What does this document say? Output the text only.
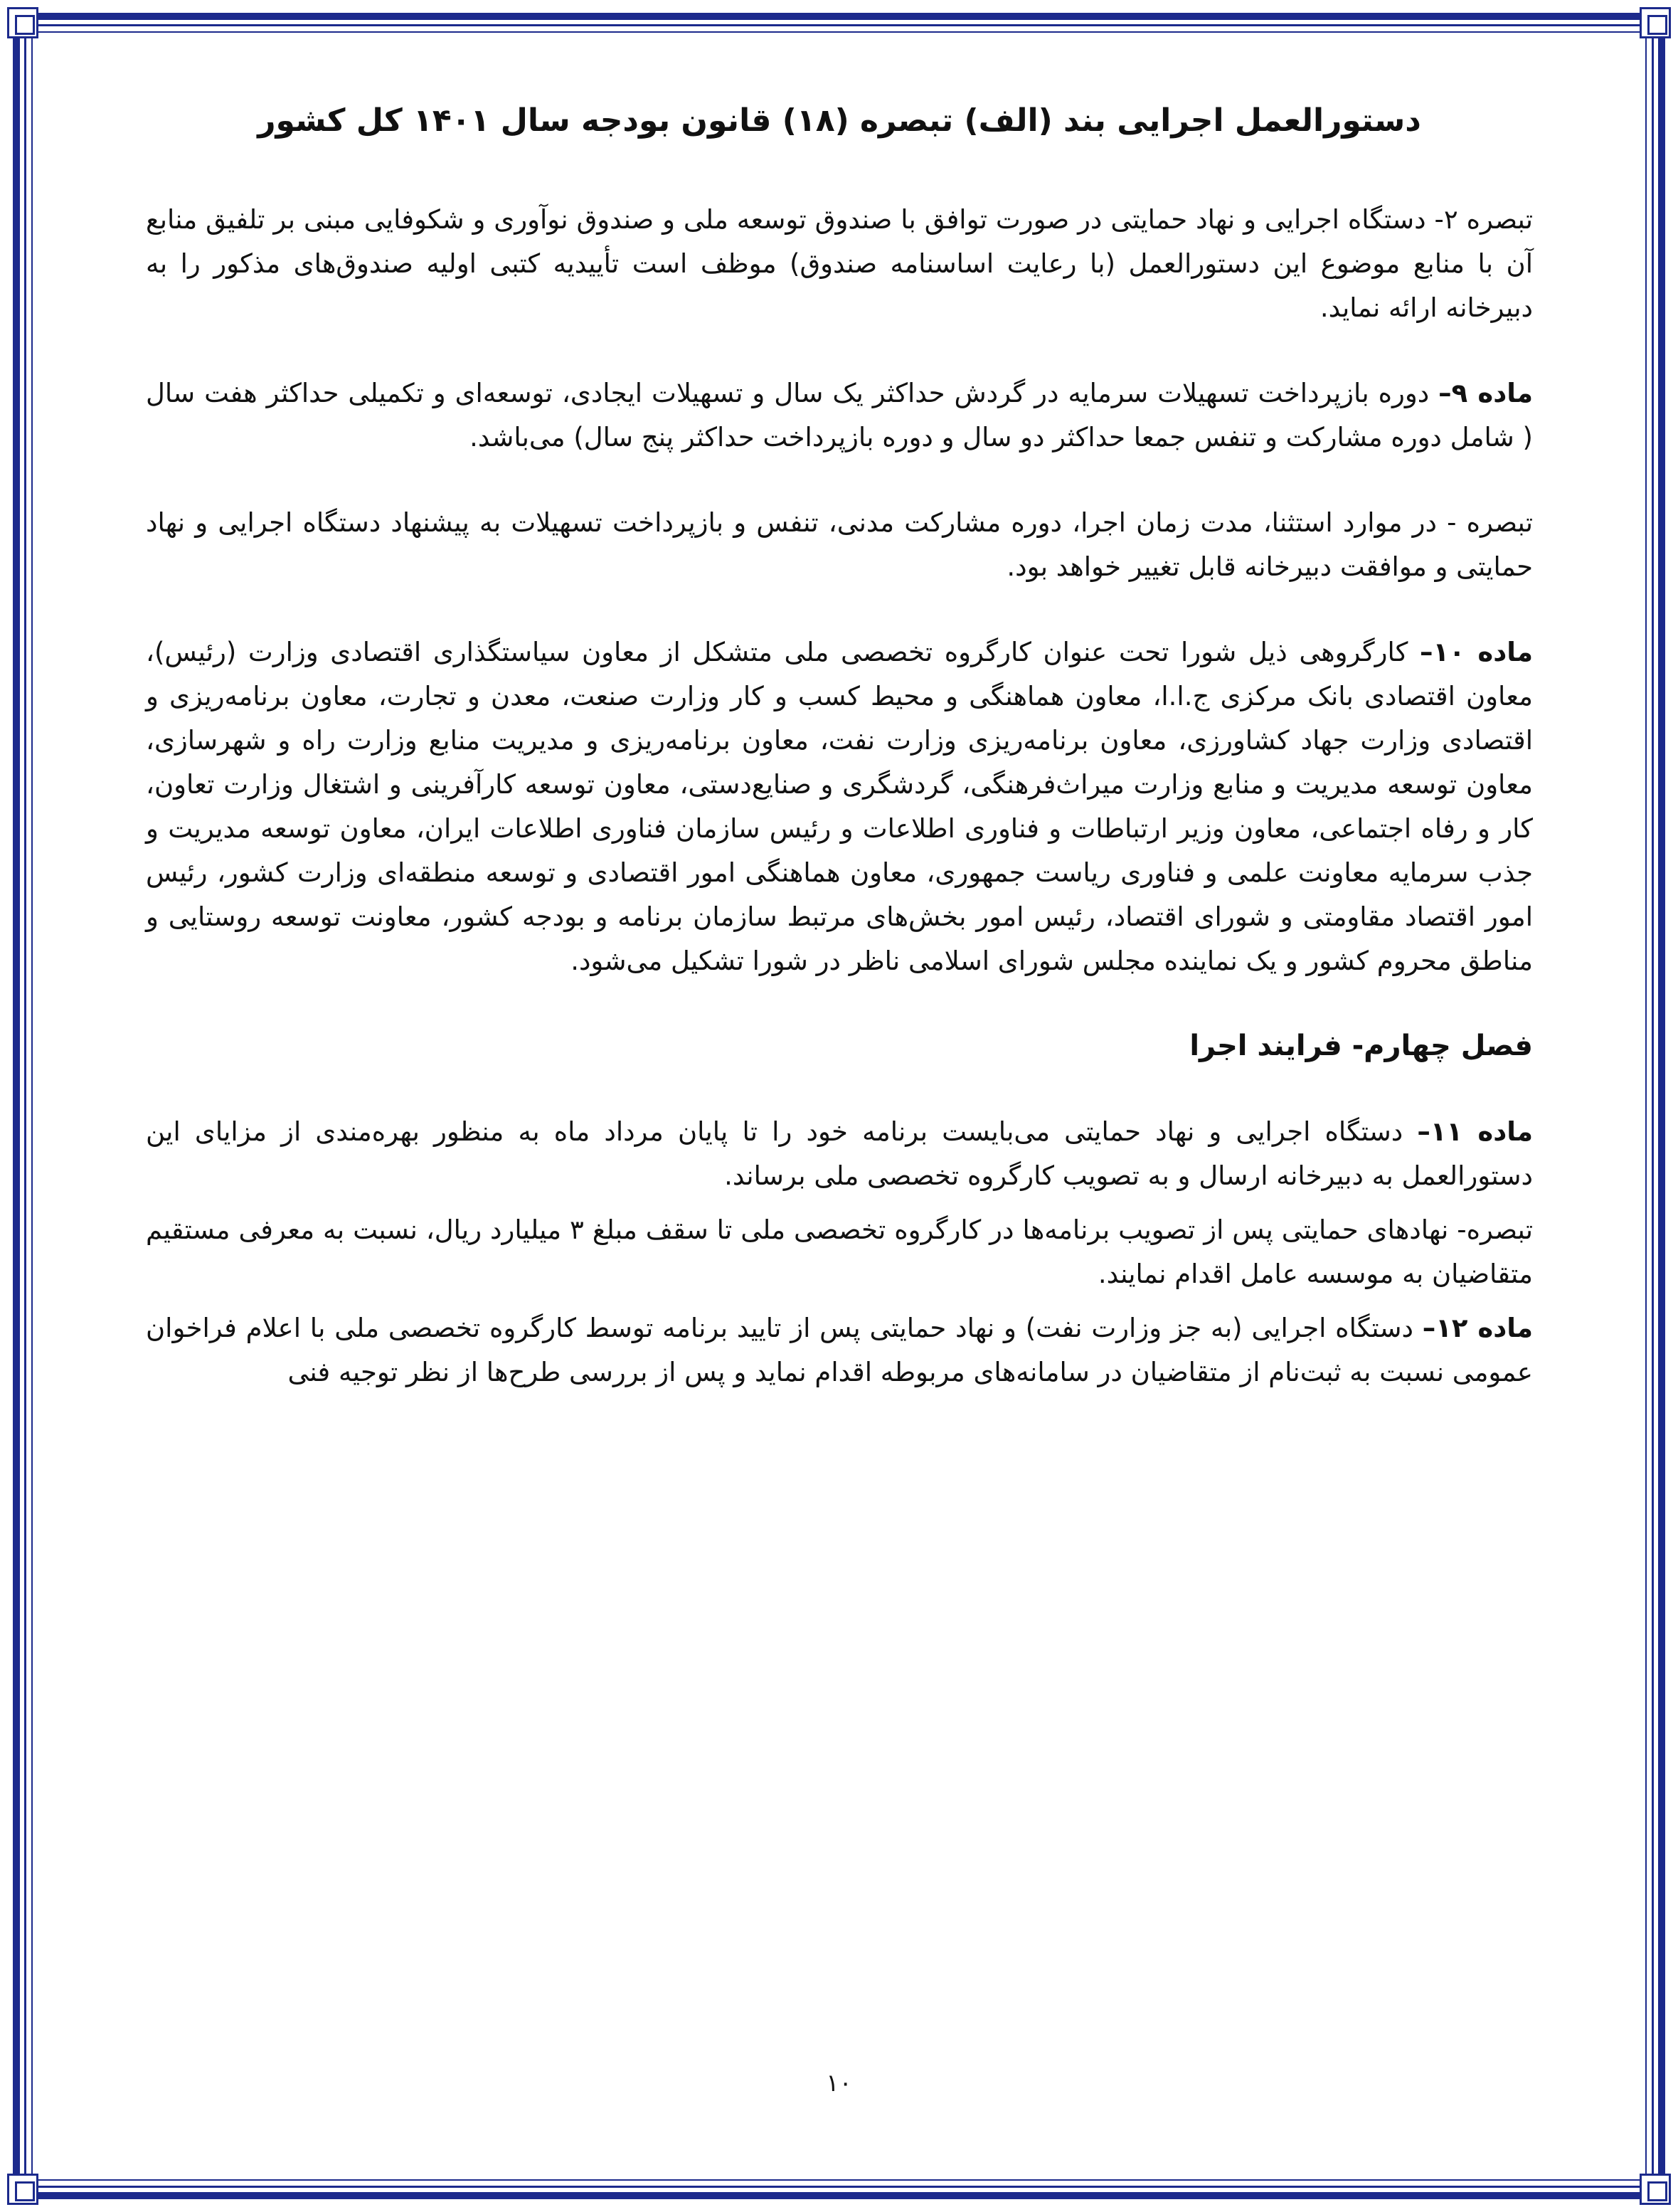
دستورالعمل اجرایی بند (الف) تبصره (۱۸) قانون بودجه سال ۱۴۰۱ کل کشور

تبصره ۲- دستگاه اجرایی و نهاد حمایتی در صورت توافق با صندوق توسعه ملی و صندوق نوآوری و شکوفایی مبنی بر تلفیق منابع آن با منابع موضوع این دستورالعمل (با رعایت اساسنامه صندوق) موظف است تأییدیه کتبی اولیه صندوق‌های مذکور را به دبیرخانه ارائه نماید.

ماده ۹– دوره بازپرداخت تسهیلات سرمایه در گردش حداکثر یک سال و تسهیلات ایجادی، توسعه‌ای و تکمیلی حداکثر هفت سال ( شامل دوره مشارکت و تنفس جمعا حداکثر دو سال و دوره بازپرداخت حداکثر پنج سال) می‌باشد.

تبصره - در موارد استثنا، مدت زمان اجرا، دوره مشارکت مدنی، تنفس و بازپرداخت تسهیلات به پیشنهاد دستگاه اجرایی و نهاد حمایتی و موافقت دبیرخانه قابل تغییر خواهد بود.

ماده ۱۰– کارگروهی ذیل شورا تحت عنوان کارگروه تخصصی ملی متشکل از معاون سیاستگذاری اقتصادی وزارت (رئیس)، معاون اقتصادی بانک مرکزی ج.ا.ا، معاون هماهنگی و محیط کسب و کار وزارت صنعت، معدن و تجارت، معاون برنامه‌ریزی و اقتصادی وزارت جهاد کشاورزی، معاون برنامه‌ریزی وزارت نفت، معاون برنامه‌ریزی و مدیریت منابع وزارت راه و شهرسازی، معاون توسعه مدیریت و منابع وزارت میراث‌فرهنگی، گردشگری و صنایع‌دستی، معاون توسعه کارآفرینی و اشتغال وزارت تعاون، کار و رفاه اجتماعی، معاون وزیر ارتباطات و فناوری اطلاعات و رئیس سازمان فناوری اطلاعات ایران، معاون توسعه مدیریت و جذب سرمایه معاونت علمی و فناوری ریاست جمهوری، معاون هماهنگی امور اقتصادی و توسعه منطقه‌ای وزارت کشور، رئیس امور اقتصاد مقاومتی و شورای اقتصاد، رئیس امور بخش‌های مرتبط سازمان برنامه و بودجه کشور، معاونت توسعه روستایی و مناطق محروم کشور و یک نماینده مجلس شورای اسلامی ناظر در شورا تشکیل می‌شود.

فصل چهارم- فرایند اجرا

ماده ۱۱– دستگاه اجرایی و نهاد حمایتی می‌بایست برنامه خود را تا پایان مرداد ماه به منظور بهره‌مندی از مزایای این دستورالعمل به دبیرخانه ارسال و به تصویب کارگروه تخصصی ملی برساند.

تبصره- نهادهای حمایتی پس از تصویب برنامه‌ها در کارگروه تخصصی ملی تا سقف مبلغ ۳ میلیارد ریال، نسبت به معرفی مستقیم متقاضیان به موسسه عامل اقدام نمایند.

ماده ۱۲– دستگاه اجرایی (به جز وزارت نفت) و نهاد حمایتی پس از تایید برنامه توسط کارگروه تخصصی ملی با اعلام فراخوان عمومی نسبت به ثبت‌نام از متقاضیان در سامانه‌های مربوطه اقدام نماید و پس از بررسی طرح‌ها از نظر توجیه فنی

۱۰
